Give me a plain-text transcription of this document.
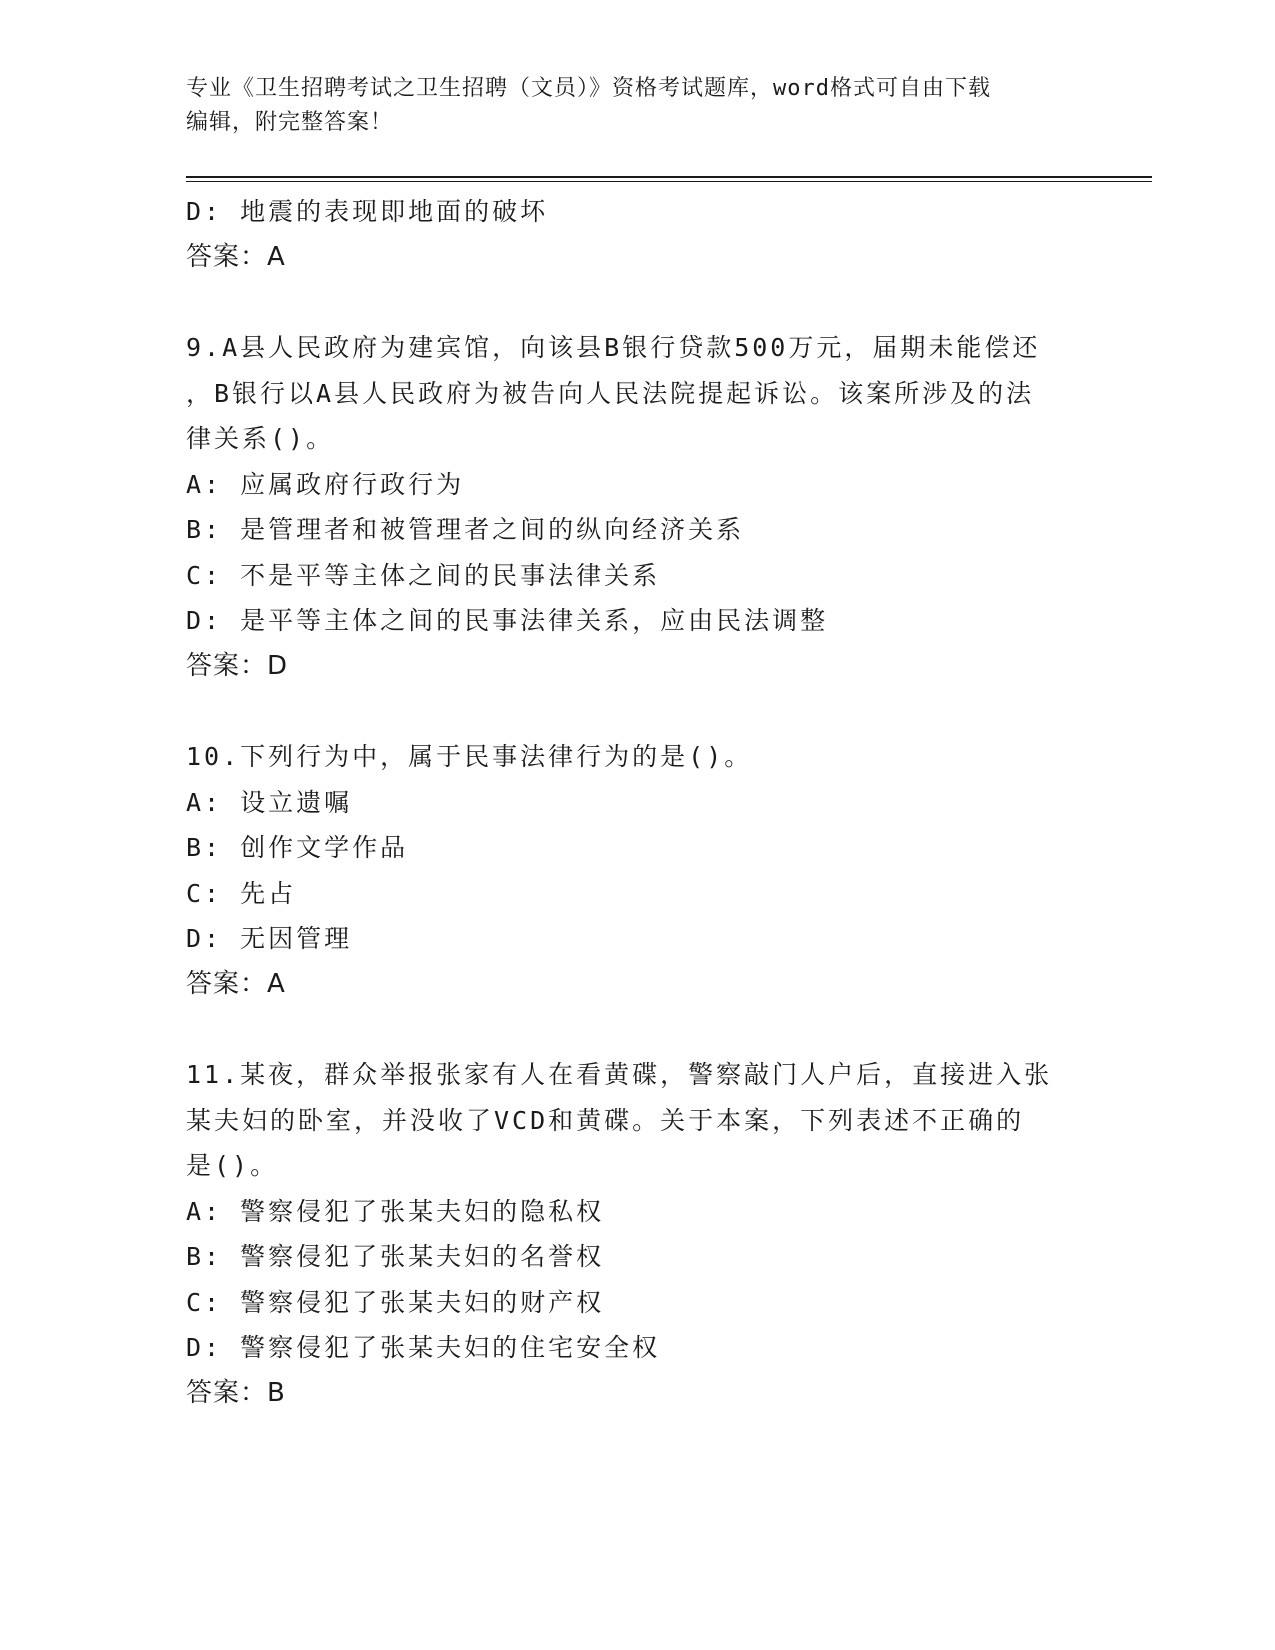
专业《卫生招聘考试之卫生招聘（文员）》资格考试题库，word格式可自由下载
编辑，附完整答案！
D: 地震的表现即地面的破坏
答案：A
9.A县人民政府为建宾馆，向该县B银行贷款500万元，届期未能偿还
，B银行以A县人民政府为被告向人民法院提起诉讼。该案所涉及的法
律关系()。
A: 应属政府行政行为
B: 是管理者和被管理者之间的纵向经济关系
C: 不是平等主体之间的民事法律关系
D: 是平等主体之间的民事法律关系，应由民法调整
答案：D
10.下列行为中，属于民事法律行为的是()。
A: 设立遗嘱
B: 创作文学作品
C: 先占
D: 无因管理
答案：A
11.某夜，群众举报张家有人在看黄碟，警察敲门人户后，直接进入张
某夫妇的卧室，并没收了VCD和黄碟。关于本案，下列表述不正确的
是()。
A: 警察侵犯了张某夫妇的隐私权
B: 警察侵犯了张某夫妇的名誉权
C: 警察侵犯了张某夫妇的财产权
D: 警察侵犯了张某夫妇的住宅安全权
答案：B
